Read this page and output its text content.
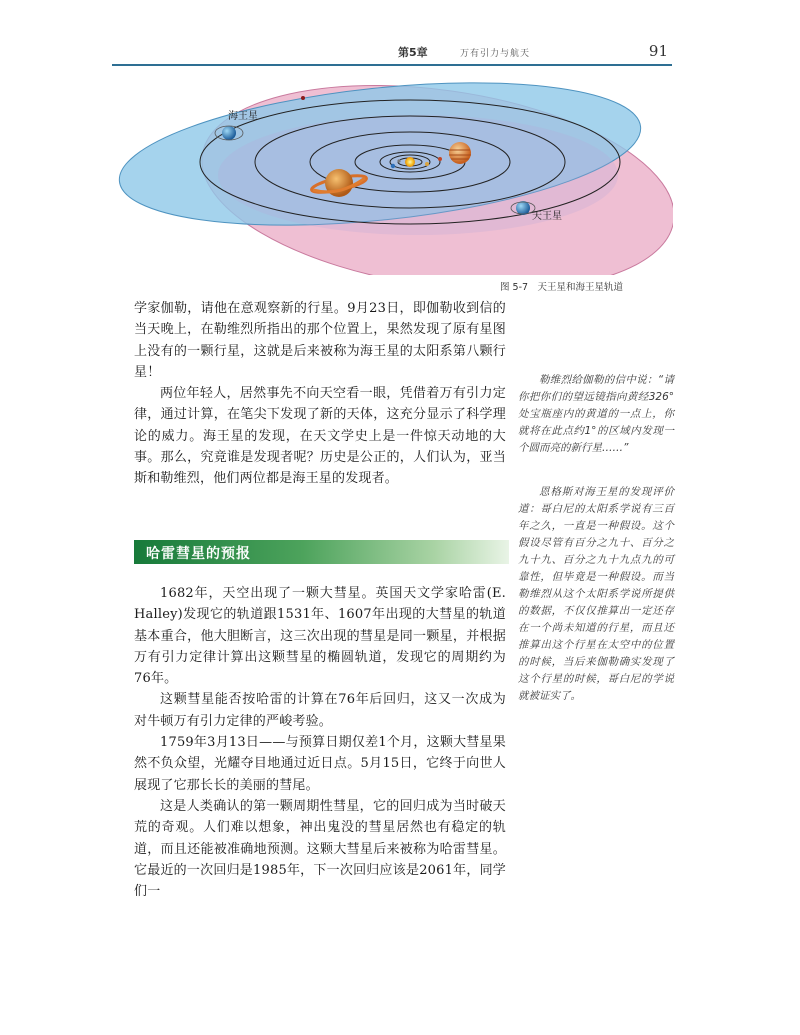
第5章	万有引力与航天	91
海王星
天王星
图 5-7　天王星和海王星轨道

学家伽勒，请他在意观察新的行星。9月23日，即伽勒收到信的当天晚上，在勒维烈所指出的那个位置上，果然发现了原有星图上没有的一颗行星，这就是后来被称为海王星的太阳系第八颗行星！

两位年轻人，居然事先不向天空看一眼，凭借着万有引力定律，通过计算，在笔尖下发现了新的天体，这充分显示了科学理论的威力。海王星的发现，在天文学史上是一件惊天动地的大事。那么，究竟谁是发现者呢？历史是公正的，人们认为，亚当斯和勒维烈，他们两位都是海王星的发现者。

哈雷彗星的预报

1682年，天空出现了一颗大彗星。英国天文学家哈雷(E. Halley)发现它的轨道跟1531年、1607年出现的大彗星的轨道基本重合，他大胆断言，这三次出现的彗星是同一颗星，并根据万有引力定律计算出这颗彗星的椭圆轨道，发现它的周期约为76年。

这颗彗星能否按哈雷的计算在76年后回归，这又一次成为对牛顿万有引力定律的严峻考验。

1759年3月13日——与预算日期仅差1个月，这颗大彗星果然不负众望，光耀夺目地通过近日点。5月15日，它终于向世人展现了它那长长的美丽的彗尾。

这是人类确认的第一颗周期性彗星，它的回归成为当时破天荒的奇观。人们难以想象，神出鬼没的彗星居然也有稳定的轨道，而且还能被准确地预测。这颗大彗星后来被称为哈雷彗星。它最近的一次回归是1985年，下一次回归应该是2061年，同学们一

勒维烈给伽勒的信中说：“请你把你们的望远镜指向黄经326°处宝瓶座内的黄道的一点上，你就将在此点约1°的区域内发现一个圆而亮的新行星……”

恩格斯对海王星的发现评价道：哥白尼的太阳系学说有三百年之久，一直是一种假设。这个假设尽管有百分之九十、百分之九十九、百分之九十九点九的可靠性，但毕竟是一种假设。而当勒维烈从这个太阳系学说所提供的数据，不仅仅推算出一定还存在一个尚未知道的行星，而且还推算出这个行星在太空中的位置的时候，当后来伽勒确实发现了这个行星的时候，哥白尼的学说就被证实了。
